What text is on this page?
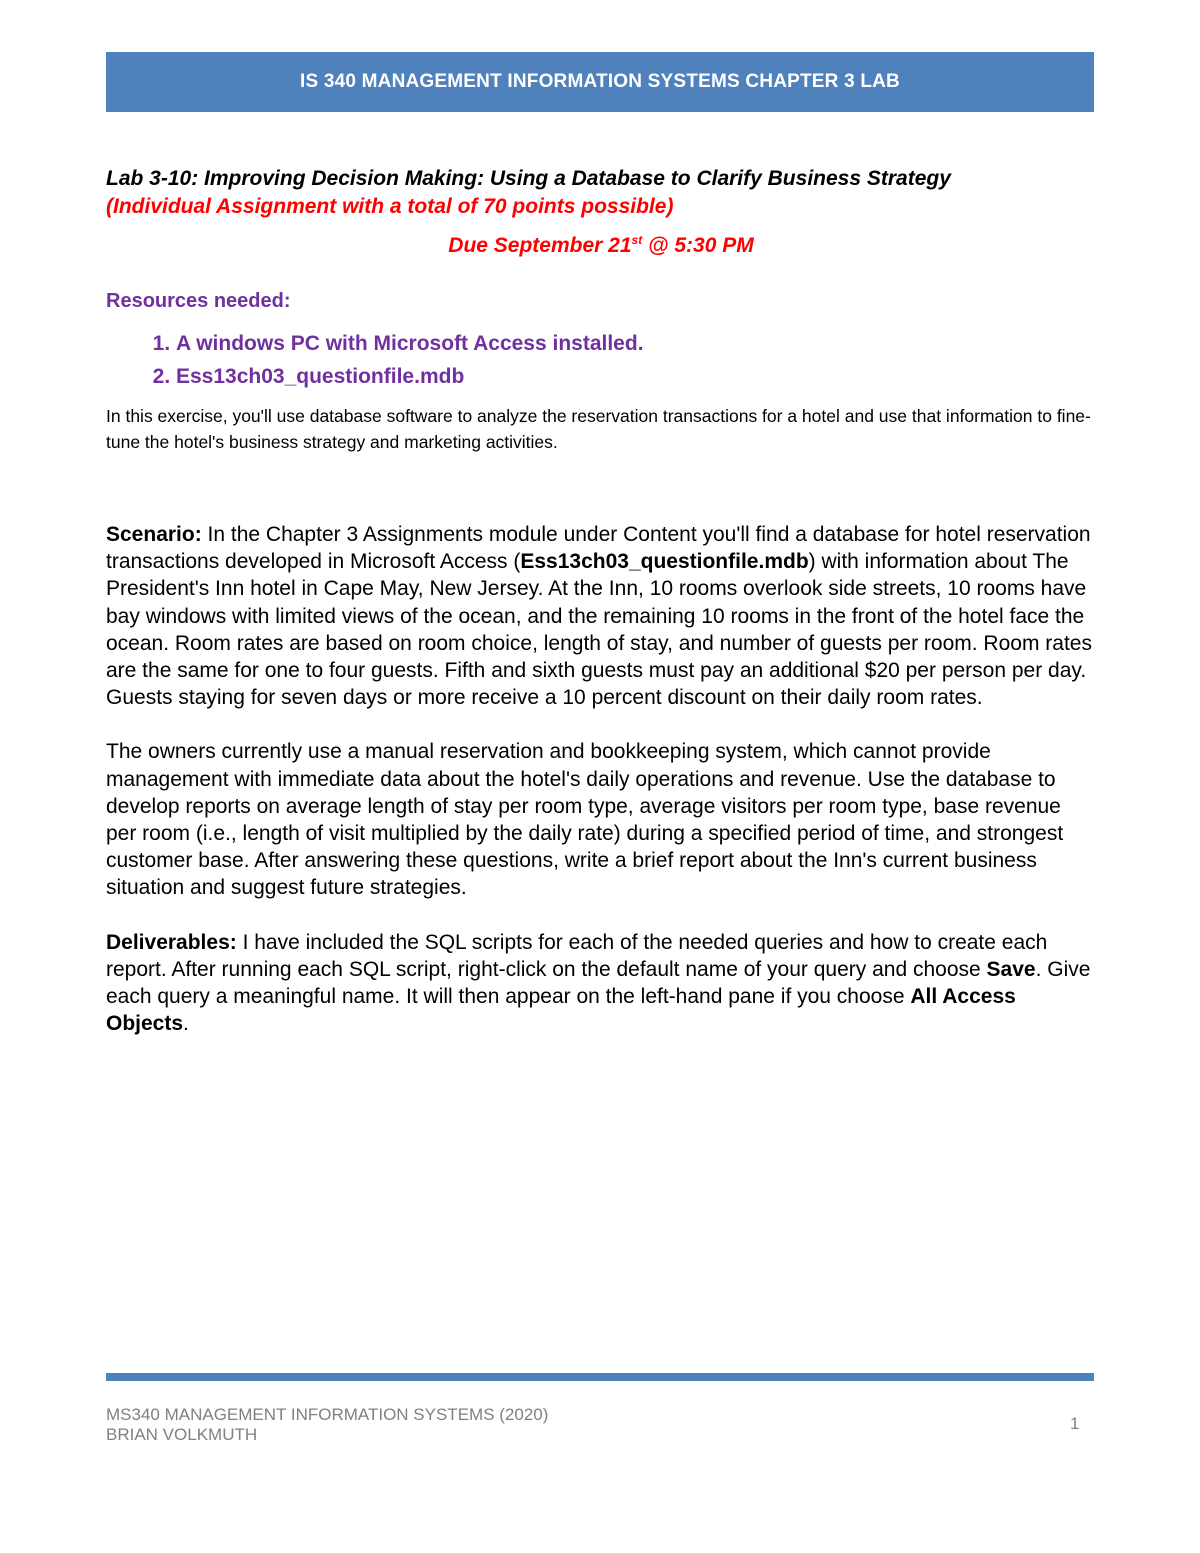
IS 340 MANAGEMENT INFORMATION SYSTEMS CHAPTER 3 LAB

Lab 3-10: Improving Decision Making: Using a Database to Clarify Business Strategy

(Individual Assignment with a total of 70 points possible)

Due September 21st @ 5:30 PM

Resources needed:

1. A windows PC with Microsoft Access installed.
2. Ess13ch03_questionfile.mdb

In this exercise, you'll use database software to analyze the reservation transactions for a hotel and use that information to fine-tune the hotel's business strategy and marketing activities.

Scenario: In the Chapter 3 Assignments module under Content you'll find a database for hotel reservation transactions developed in Microsoft Access (Ess13ch03_questionfile.mdb) with information about The President's Inn hotel in Cape May, New Jersey. At the Inn, 10 rooms overlook side streets, 10 rooms have bay windows with limited views of the ocean, and the remaining 10 rooms in the front of the hotel face the ocean. Room rates are based on room choice, length of stay, and number of guests per room. Room rates are the same for one to four guests. Fifth and sixth guests must pay an additional $20 per person per day. Guests staying for seven days or more receive a 10 percent discount on their daily room rates.

The owners currently use a manual reservation and bookkeeping system, which cannot provide management with immediate data about the hotel's daily operations and revenue. Use the database to develop reports on average length of stay per room type, average visitors per room type, base revenue per room (i.e., length of visit multiplied by the daily rate) during a specified period of time, and strongest customer base. After answering these questions, write a brief report about the Inn's current business situation and suggest future strategies.

Deliverables: I have included the SQL scripts for each of the needed queries and how to create each report. After running each SQL script, right-click on the default name of your query and choose Save. Give each query a meaningful name. It will then appear on the left-hand pane if you choose All Access Objects.

MS340 MANAGEMENT INFORMATION SYSTEMS (2020)
BRIAN VOLKMUTH
1
